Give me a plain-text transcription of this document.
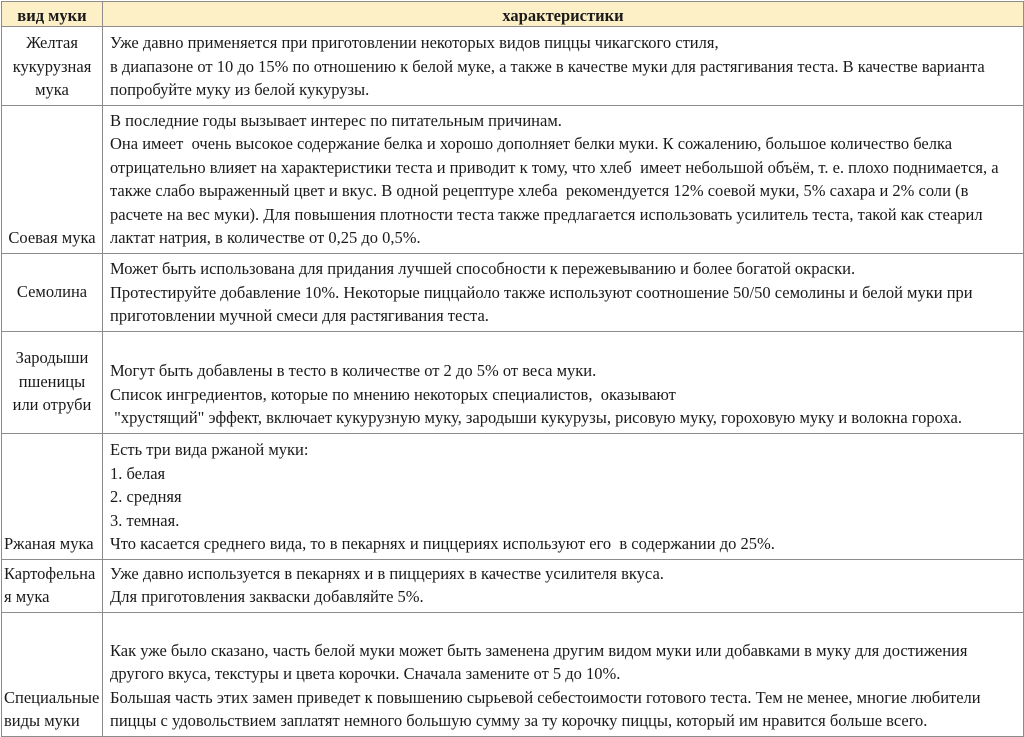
вид муки	характеристики
Желтая кукурузная мука	Уже давно применяется при приготовлении некоторых видов пиццы чикагского стиля,
в диапазоне от 10 до 15% по отношению к белой муке, а также в качестве муки для растягивания теста. В качестве варианта попробуйте муку из белой кукурузы.

Соевая мука	В последние годы вызывает интерес по питательным причинам.
Она имеет  очень высокое содержание белка и хорошо дополняет белки муки. К сожалению, большое количество белка отрицательно влияет на характеристики теста и приводит к тому, что хлеб  имеет небольшой объём, т. е. плохо поднимается, а также слабо выраженный цвет и вкус. В одной рецептуре хлеба  рекомендуется 12% соевой муки, 5% сахара и 2% соли (в расчете на вес муки). Для повышения плотности теста также предлагается использовать усилитель теста, такой как стеарил лактат натрия, в количестве от 0,25 до 0,5%.

Семолина	Может быть использована для придания лучшей способности к пережевыванию и более богатой окраски.
Протестируйте добавление 10%. Некоторые пиццайоло также используют соотношение 50/50 семолины и белой муки при приготовлении мучной смеси для растягивания теста.

Зародыши пшеницы или отруби	Могут быть добавлены в тесто в количестве от 2 до 5% от веса муки.
Список ингредиентов, которые по мнению некоторых специалистов,  оказывают
"хрустящий" эффект, включает кукурузную муку, зародыши кукурузы, рисовую муку, гороховую муку и волокна гороха.

Ржаная мука	Есть три вида ржаной муки:
1. белая
2. средняя
3. темная.
Что касается среднего вида, то в пекарнях и пиццериях используют его  в содержании до 25%.

Картофельная мука	Уже давно используется в пекарнях и в пиццериях в качестве усилителя вкуса.
Для приготовления закваски добавляйте 5%.

Специальные виды муки	Как уже было сказано, часть белой муки может быть заменена другим видом муки или добавками в муку для достижения другого вкуса, текстуры и цвета корочки. Сначала замените от 5 до 10%.
Большая часть этих замен приведет к повышению сырьевой себестоимости готового теста. Тем не менее, многие любители пиццы с удовольствием заплатят немного большую сумму за ту корочку пиццы, который им нравится больше всего.
